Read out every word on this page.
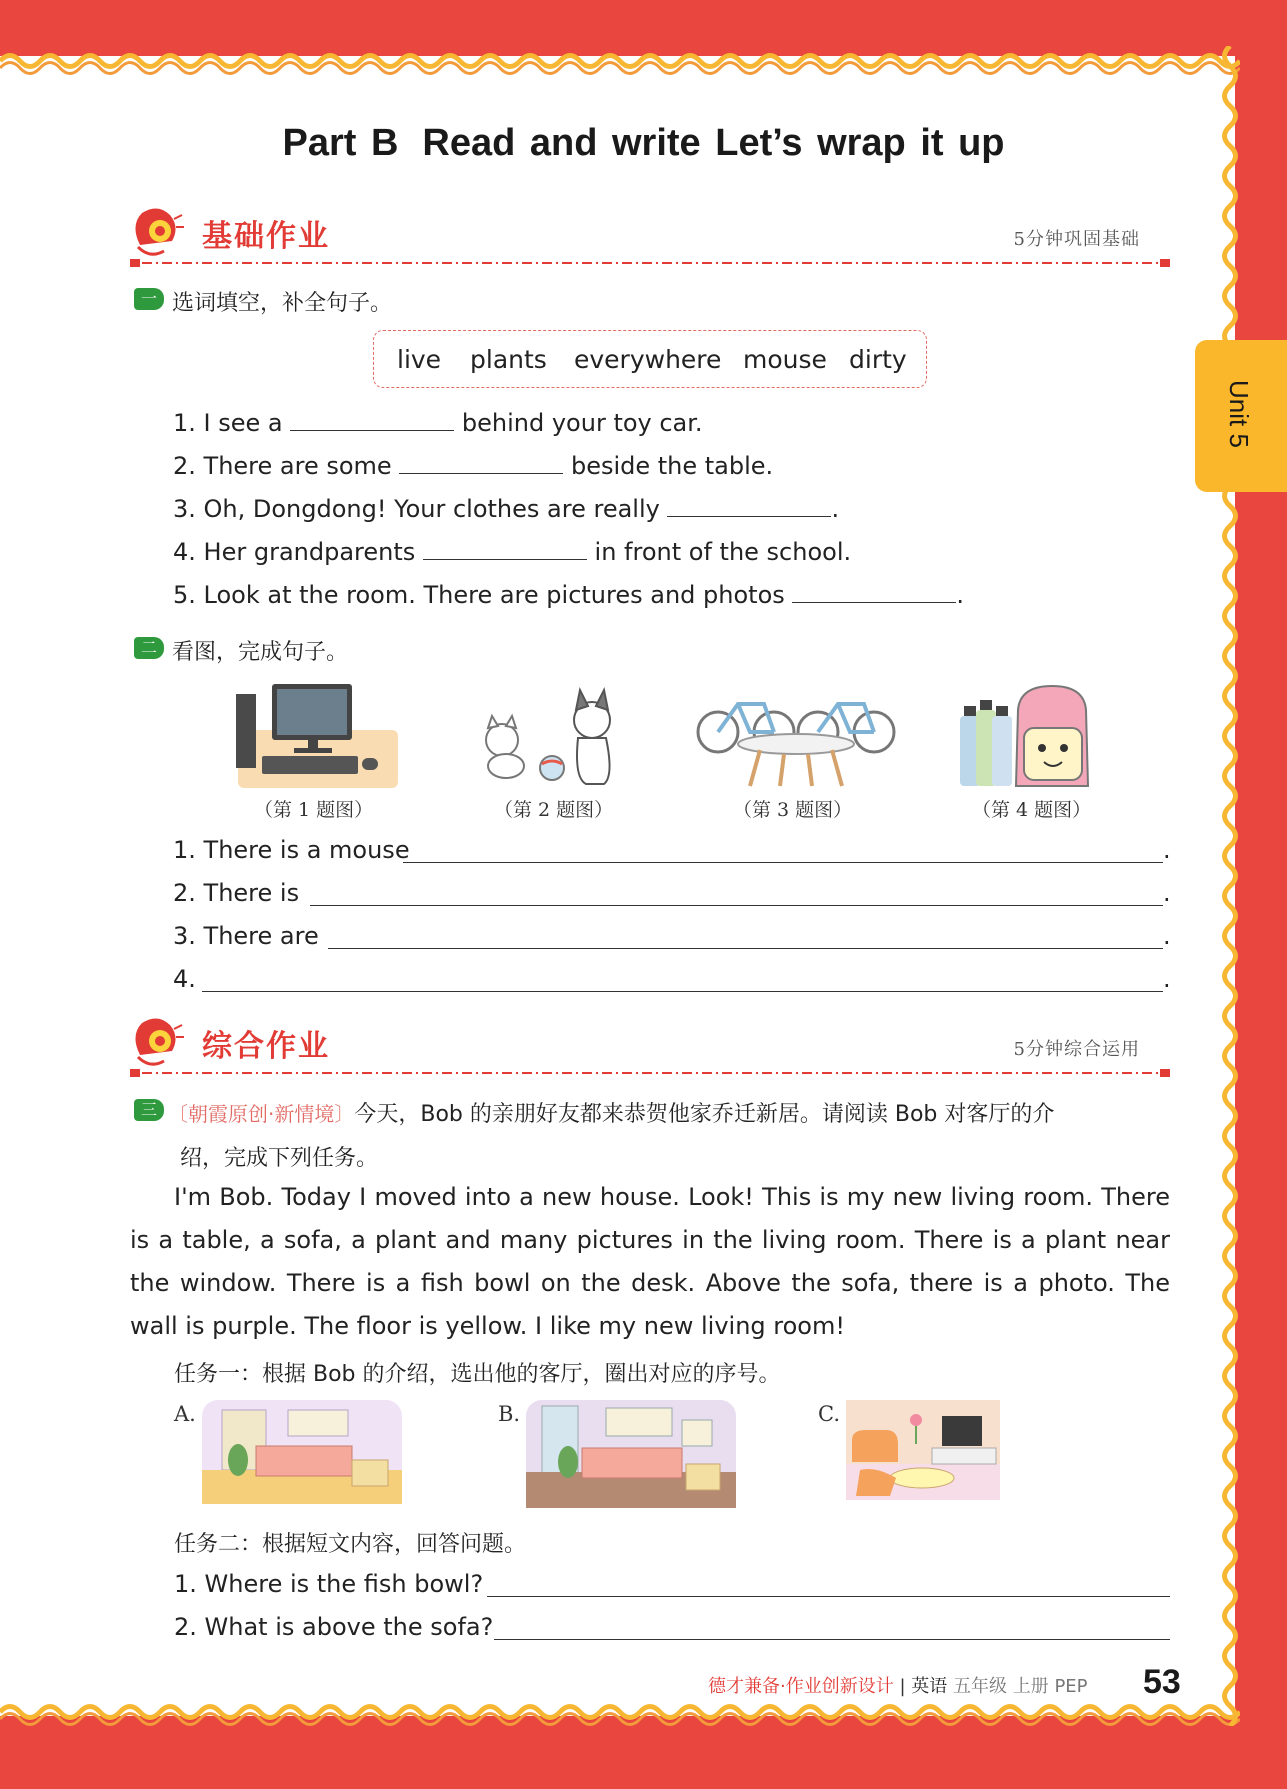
Unit 5
Part B Read and write Let’s wrap it up
基础作业	5分钟巩固基础
一 选词填空，补全句子。
live plants everywhere mouse dirty
1. I see a	behind your toy car.
2. There are some	beside the table.
3. Oh, Dongdong! Your clothes are really	.
4. Her grandparents	in front of the school.
5. Look at the room. There are pictures and photos	.
二 看图，完成句子。
（第 1 题图）	（第 2 题图）	（第 3 题图）	（第 4 题图）
1. There is a mouse	.
2. There is	.
3. There are	.
4.	.
综合作业	5分钟综合运用
三 〔朝霞原创·新情境〕今天，Bob 的亲朋好友都来恭贺他家乔迁新居。请阅读 Bob 对客厅的介
绍，完成下列任务。

I'm Bob. Today I moved into a new house. Look! This is my new living room. There is a table, a sofa, a plant and many pictures in the living room. There is a plant near the window. There is a fish bowl on the desk. Above the sofa, there is a photo. The wall is purple. The floor is yellow. I like my new living room!

任务一：根据 Bob 的介绍，选出他的客厅，圈出对应的序号。
A.	B.	C.
任务二：根据短文内容，回答问题。
1. Where is the fish bowl?
2. What is above the sofa?
德才兼备·作业创新设计 | 英语 五年级 上册 PEP 53
